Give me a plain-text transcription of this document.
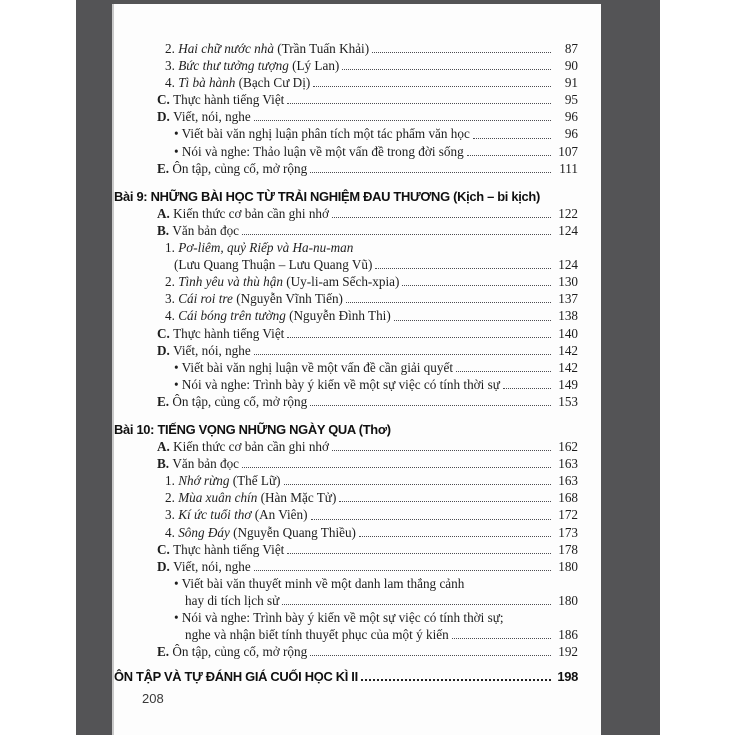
2. Hai chữ nước nhà (Trần Tuấn Khải)	87
3. Bức thư tưởng tượng (Lý Lan)	90
4. Tì bà hành (Bạch Cư Dị)	91
C. Thực hành tiếng Việt	95
D. Viết, nói, nghe	96
• Viết bài văn nghị luận phân tích một tác phẩm văn học	96
• Nói và nghe: Thảo luận về một vấn đề trong đời sống	107
E. Ôn tập, củng cố, mở rộng	111
Bài 9: NHỮNG BÀI HỌC TỪ TRẢI NGHIỆM ĐAU THƯƠNG (Kịch – bi kịch)
A. Kiến thức cơ bản cần ghi nhớ	122
B. Văn bản đọc	124
1. Pơ-liêm, quỷ Riếp và Ha-nu-man
(Lưu Quang Thuận – Lưu Quang Vũ)	124
2. Tình yêu và thù hận (Uy-li-am Sếch-xpia)	130
3. Cái roi tre (Nguyễn Vĩnh Tiến)	137
4. Cái bóng trên tường (Nguyễn Đình Thi)	138
C. Thực hành tiếng Việt	140
D. Viết, nói, nghe	142
• Viết bài văn nghị luận về một vấn đề cần giải quyết	142
• Nói và nghe: Trình bày ý kiến về một sự việc có tính thời sự	149
E. Ôn tập, củng cố, mở rộng	153
Bài 10: TIẾNG VỌNG NHỮNG NGÀY QUA (Thơ)
A. Kiến thức cơ bản cần ghi nhớ	162
B. Văn bản đọc	163
1. Nhớ rừng (Thế Lữ)	163
2. Mùa xuân chín (Hàn Mặc Tử)	168
3. Kí ức tuổi thơ (An Viên)	172
4. Sông Đáy (Nguyễn Quang Thiều)	173
C. Thực hành tiếng Việt	178
D. Viết, nói, nghe	180
• Viết bài văn thuyết minh về một danh lam thắng cảnh
hay di tích lịch sử	180
• Nói và nghe: Trình bày ý kiến về một sự việc có tính thời sự;
nghe và nhận biết tính thuyết phục của một ý kiến	186
E. Ôn tập, củng cố, mở rộng	192
ÔN TẬP VÀ TỰ ĐÁNH GIÁ CUỐI HỌC KÌ II	198
208
